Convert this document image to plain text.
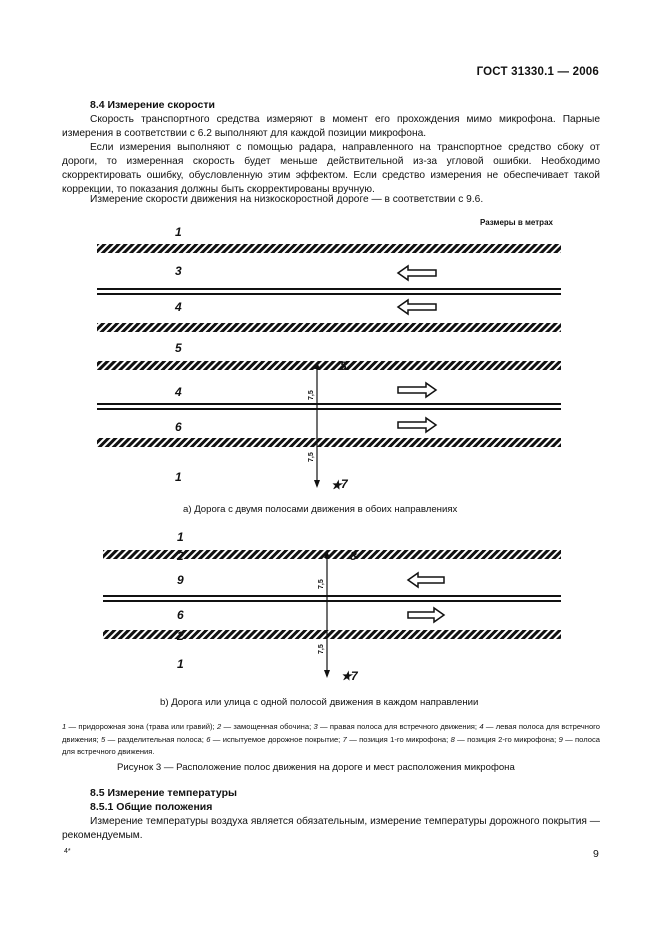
ГОСТ 31330.1 — 2006
8.4 Измерение скорости
Скорость транспортного средства измеряют в момент его прохождения мимо микрофона. Парные измерения в соответствии с 6.2 выполняют для каждой позиции микрофона.
Если измерения выполняют с помощью радара, направленного на транспортное средство сбоку от дороги, то измеренная скорость будет меньше действительной из-за угловой ошибки. Необходимо скорректировать ошибку, обусловленную этим эффектом. Если средство измерения не обеспечивает такой коррекции, то показания должны быть скорректированы вручную.
Измерение скорости движения на низкоскоростной дороге — в соответствии с 9.6.
Размеры в метрах
1
3
4
5
8
4
6
1
7,5
7,5
★ 7
1
2	8
9
6
2
1
7,5
7,5
★ 7
а) Дорога с двумя полосами движения в обоих направлениях
b) Дорога или улица с одной полосой движения в каждом направлении
1 — придорожная зона (трава или гравий); 2 — замощенная обочина; 3 — правая полоса для встречного движения; 4 — левая полоса для встречного движения; 5 — разделительная полоса; 6 — испытуемое дорожное покрытие; 7 — позиция 1-го микрофона; 8 — позиция 2-го микрофона; 9 — полоса для встречного движения.
Рисунок 3 — Расположение полос движения на дороге и мест расположения микрофона
8.5 Измерение температуры
8.5.1 Общие положения
Измерение температуры воздуха является обязательным, измерение температуры дорожного покрытия — рекомендуемым.
4*	9
